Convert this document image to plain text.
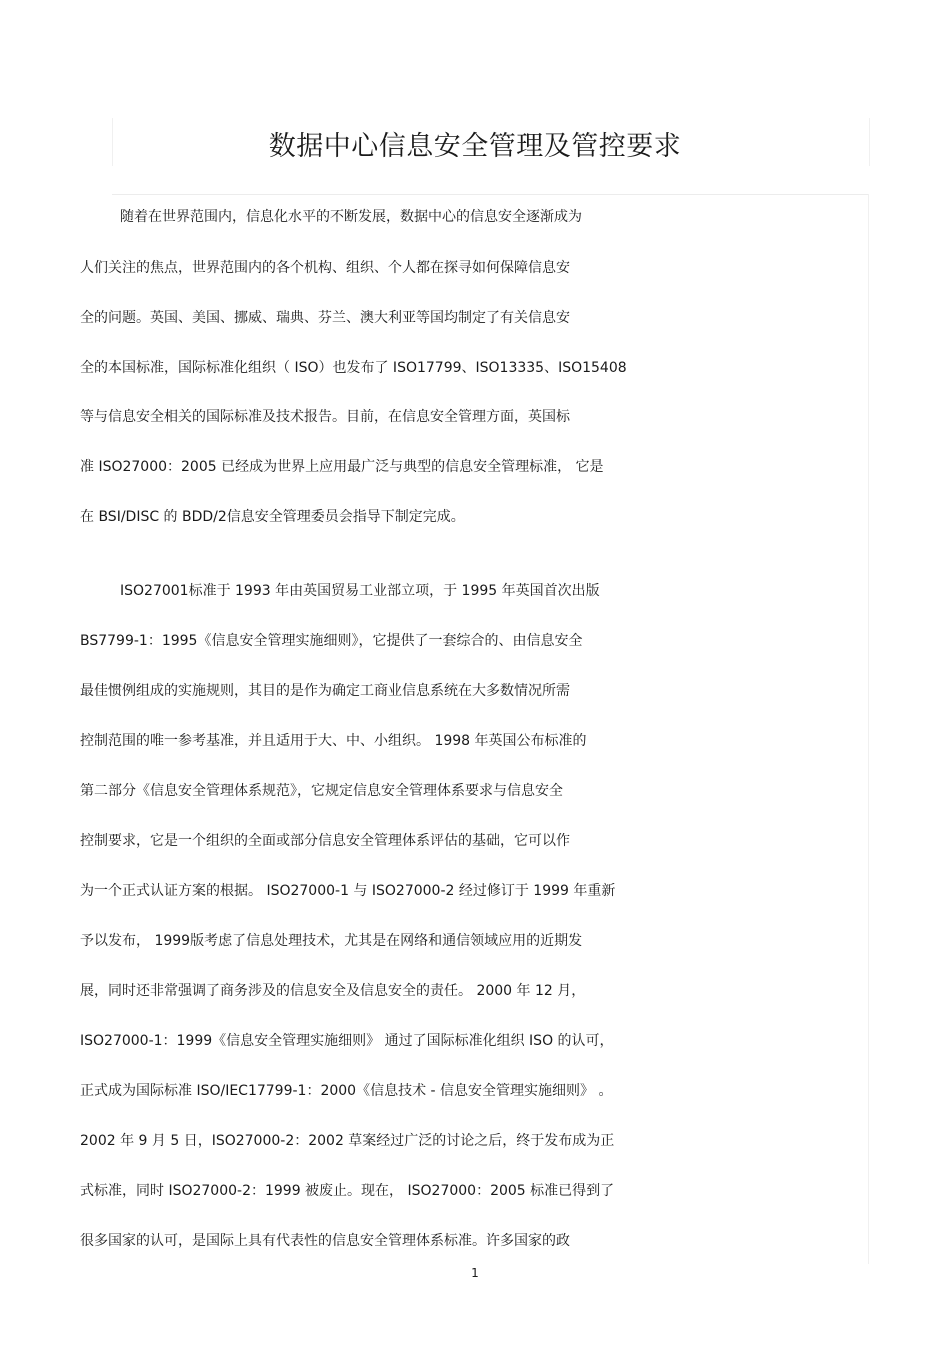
数据中心信息安全管理及管控要求

随着在世界范围内，信息化水平的不断发展，数据中心的信息安全逐渐成为

人们关注的焦点，世界范围内的各个机构、组织、个人都在探寻如何保障信息安

全的问题。英国、美国、挪威、瑞典、芬兰、澳大利亚等国均制定了有关信息安

全的本国标准，国际标准化组织（ ISO）也发布了 ISO17799、ISO13335、ISO15408

等与信息安全相关的国际标准及技术报告。目前，在信息安全管理方面，英国标

准 ISO27000：2005 已经成为世界上应用最广泛与典型的信息安全管理标准， 它是

在 BSI/DISC 的 BDD/2信息安全管理委员会指导下制定完成。

ISO27001标准于 1993 年由英国贸易工业部立项，于 1995 年英国首次出版

BS7799-1：1995《信息安全管理实施细则》，它提供了一套综合的、由信息安全

最佳惯例组成的实施规则，其目的是作为确定工商业信息系统在大多数情况所需

控制范围的唯一参考基准，并且适用于大、中、小组织。 1998 年英国公布标准的

第二部分《信息安全管理体系规范》，它规定信息安全管理体系要求与信息安全

控制要求，它是一个组织的全面或部分信息安全管理体系评估的基础，它可以作

为一个正式认证方案的根据。 ISO27000-1 与 ISO27000-2 经过修订于 1999 年重新

予以发布， 1999版考虑了信息处理技术，尤其是在网络和通信领域应用的近期发

展，同时还非常强调了商务涉及的信息安全及信息安全的责任。 2000 年 12 月，

ISO27000-1：1999《信息安全管理实施细则》 通过了国际标准化组织 ISO 的认可，

正式成为国际标准 ISO/IEC17799-1：2000《信息技术 - 信息安全管理实施细则》 。

2002 年 9 月 5 日，ISO27000-2：2002 草案经过广泛的讨论之后，终于发布成为正

式标准，同时 ISO27000-2：1999 被废止。现在， ISO27000：2005 标准已得到了

很多国家的认可，是国际上具有代表性的信息安全管理体系标准。许多国家的政

1
